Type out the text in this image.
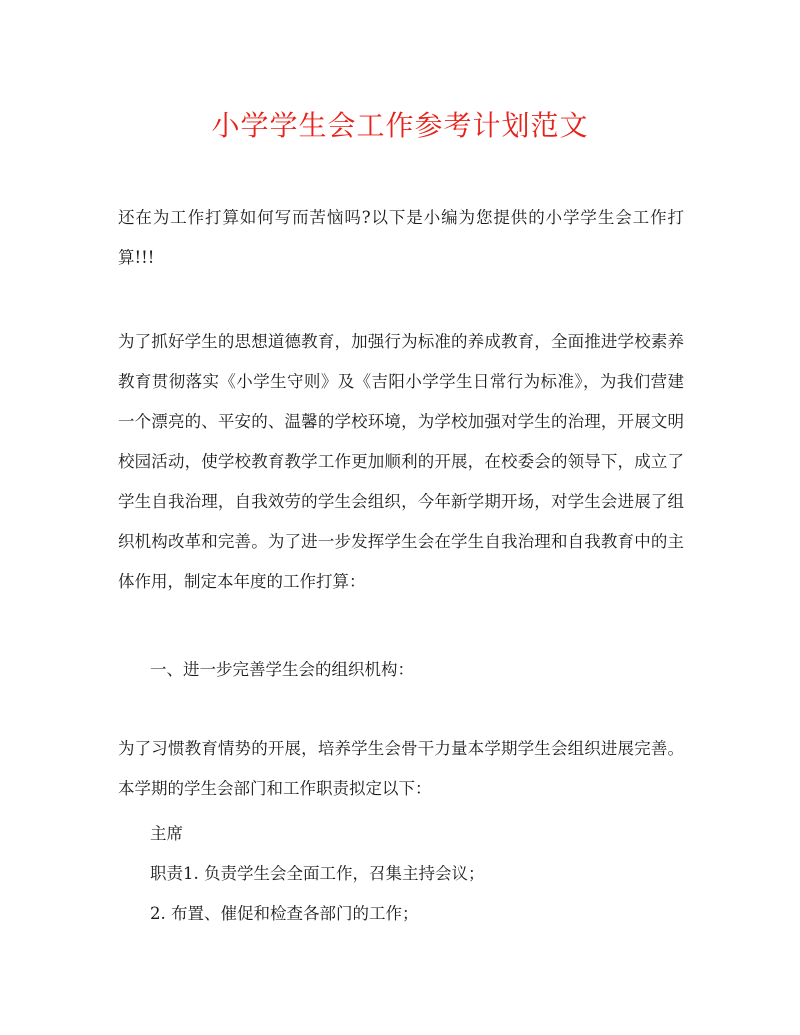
小学学生会工作参考计划范文

还在为工作打算如何写而苦恼吗?以下是小编为您提供的小学学生会工作打算!!!

为了抓好学生的思想道德教育，加强行为标准的养成教育，全面推进学校素养教育贯彻落实《小学生守则》及《吉阳小学学生日常行为标准》，为我们营建一个漂亮的、平安的、温馨的学校环境，为学校加强对学生的治理，开展文明校园活动，使学校教育教学工作更加顺利的开展，在校委会的领导下，成立了学生自我治理，自我效劳的学生会组织，今年新学期开场，对学生会进展了组织机构改革和完善。为了进一步发挥学生会在学生自我治理和自我教育中的主体作用，制定本年度的工作打算：

一、进一步完善学生会的组织机构：

为了习惯教育情势的开展，培养学生会骨干力量本学期学生会组织进展完善。本学期的学生会部门和工作职责拟定以下：

主席

职责1. 负责学生会全面工作，召集主持会议；

2. 布置、催促和检查各部门的工作；
